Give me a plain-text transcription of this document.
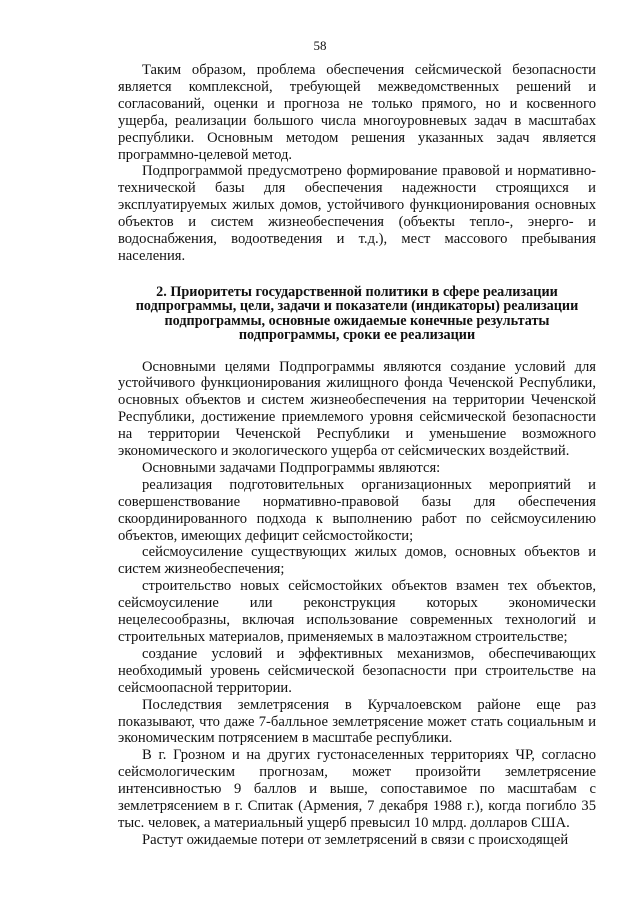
58

Таким образом, проблема обеспечения сейсмической безопасности является комплексной, требующей межведомственных решений и согласований, оценки и прогноза не только прямого, но и косвенного ущерба, реализации большого числа многоуровневых задач в масштабах республики. Основным методом решения указанных задач является программно-целевой метод.

Подпрограммой предусмотрено формирование правовой и нормативно-технической базы для обеспечения надежности строящихся и эксплуатируемых жилых домов, устойчивого функционирования основных объектов и систем жизнеобеспечения (объекты тепло-, энерго- и водоснабжения, водоотведения и т.д.), мест массового пребывания населения.

2. Приоритеты государственной политики в сфере реализации подпрограммы, цели, задачи и показатели (индикаторы) реализации подпрограммы, основные ожидаемые конечные результаты подпрограммы, сроки ее реализации

Основными целями Подпрограммы являются создание условий для устойчивого функционирования жилищного фонда Чеченской Республики, основных объектов и систем жизнеобеспечения на территории Чеченской Республики, достижение приемлемого уровня сейсмической безопасности на территории Чеченской Республики и уменьшение возможного экономического и экологического ущерба от сейсмических воздействий.

Основными задачами Подпрограммы являются:

реализация подготовительных организационных мероприятий и совершенствование нормативно-правовой базы для обеспечения скоординированного подхода к выполнению работ по сейсмоусилению объектов, имеющих дефицит сейсмостойкости;

сейсмоусиление существующих жилых домов, основных объектов и систем жизнеобеспечения;

строительство новых сейсмостойких объектов взамен тех объектов, сейсмоусиление или реконструкция которых экономически нецелесообразны, включая использование современных технологий и строительных материалов, применяемых в малоэтажном строительстве;

создание условий и эффективных механизмов, обеспечивающих необходимый уровень сейсмической безопасности при строительстве на сейсмоопасной территории.

Последствия землетрясения в Курчалоевском районе еще раз показывают, что даже 7-балльное землетрясение может стать социальным и экономическим потрясением в масштабе республики.

В г. Грозном и на других густонаселенных территориях ЧР, согласно сейсмологическим прогнозам, может произойти землетрясение интенсивностью 9 баллов и выше, сопоставимое по масштабам с землетрясением в г. Спитак (Армения, 7 декабря 1988 г.), когда погибло 35 тыс. человек, а материальный ущерб превысил 10 млрд. долларов США.

Растут ожидаемые потери от землетрясений в связи с происходящей
